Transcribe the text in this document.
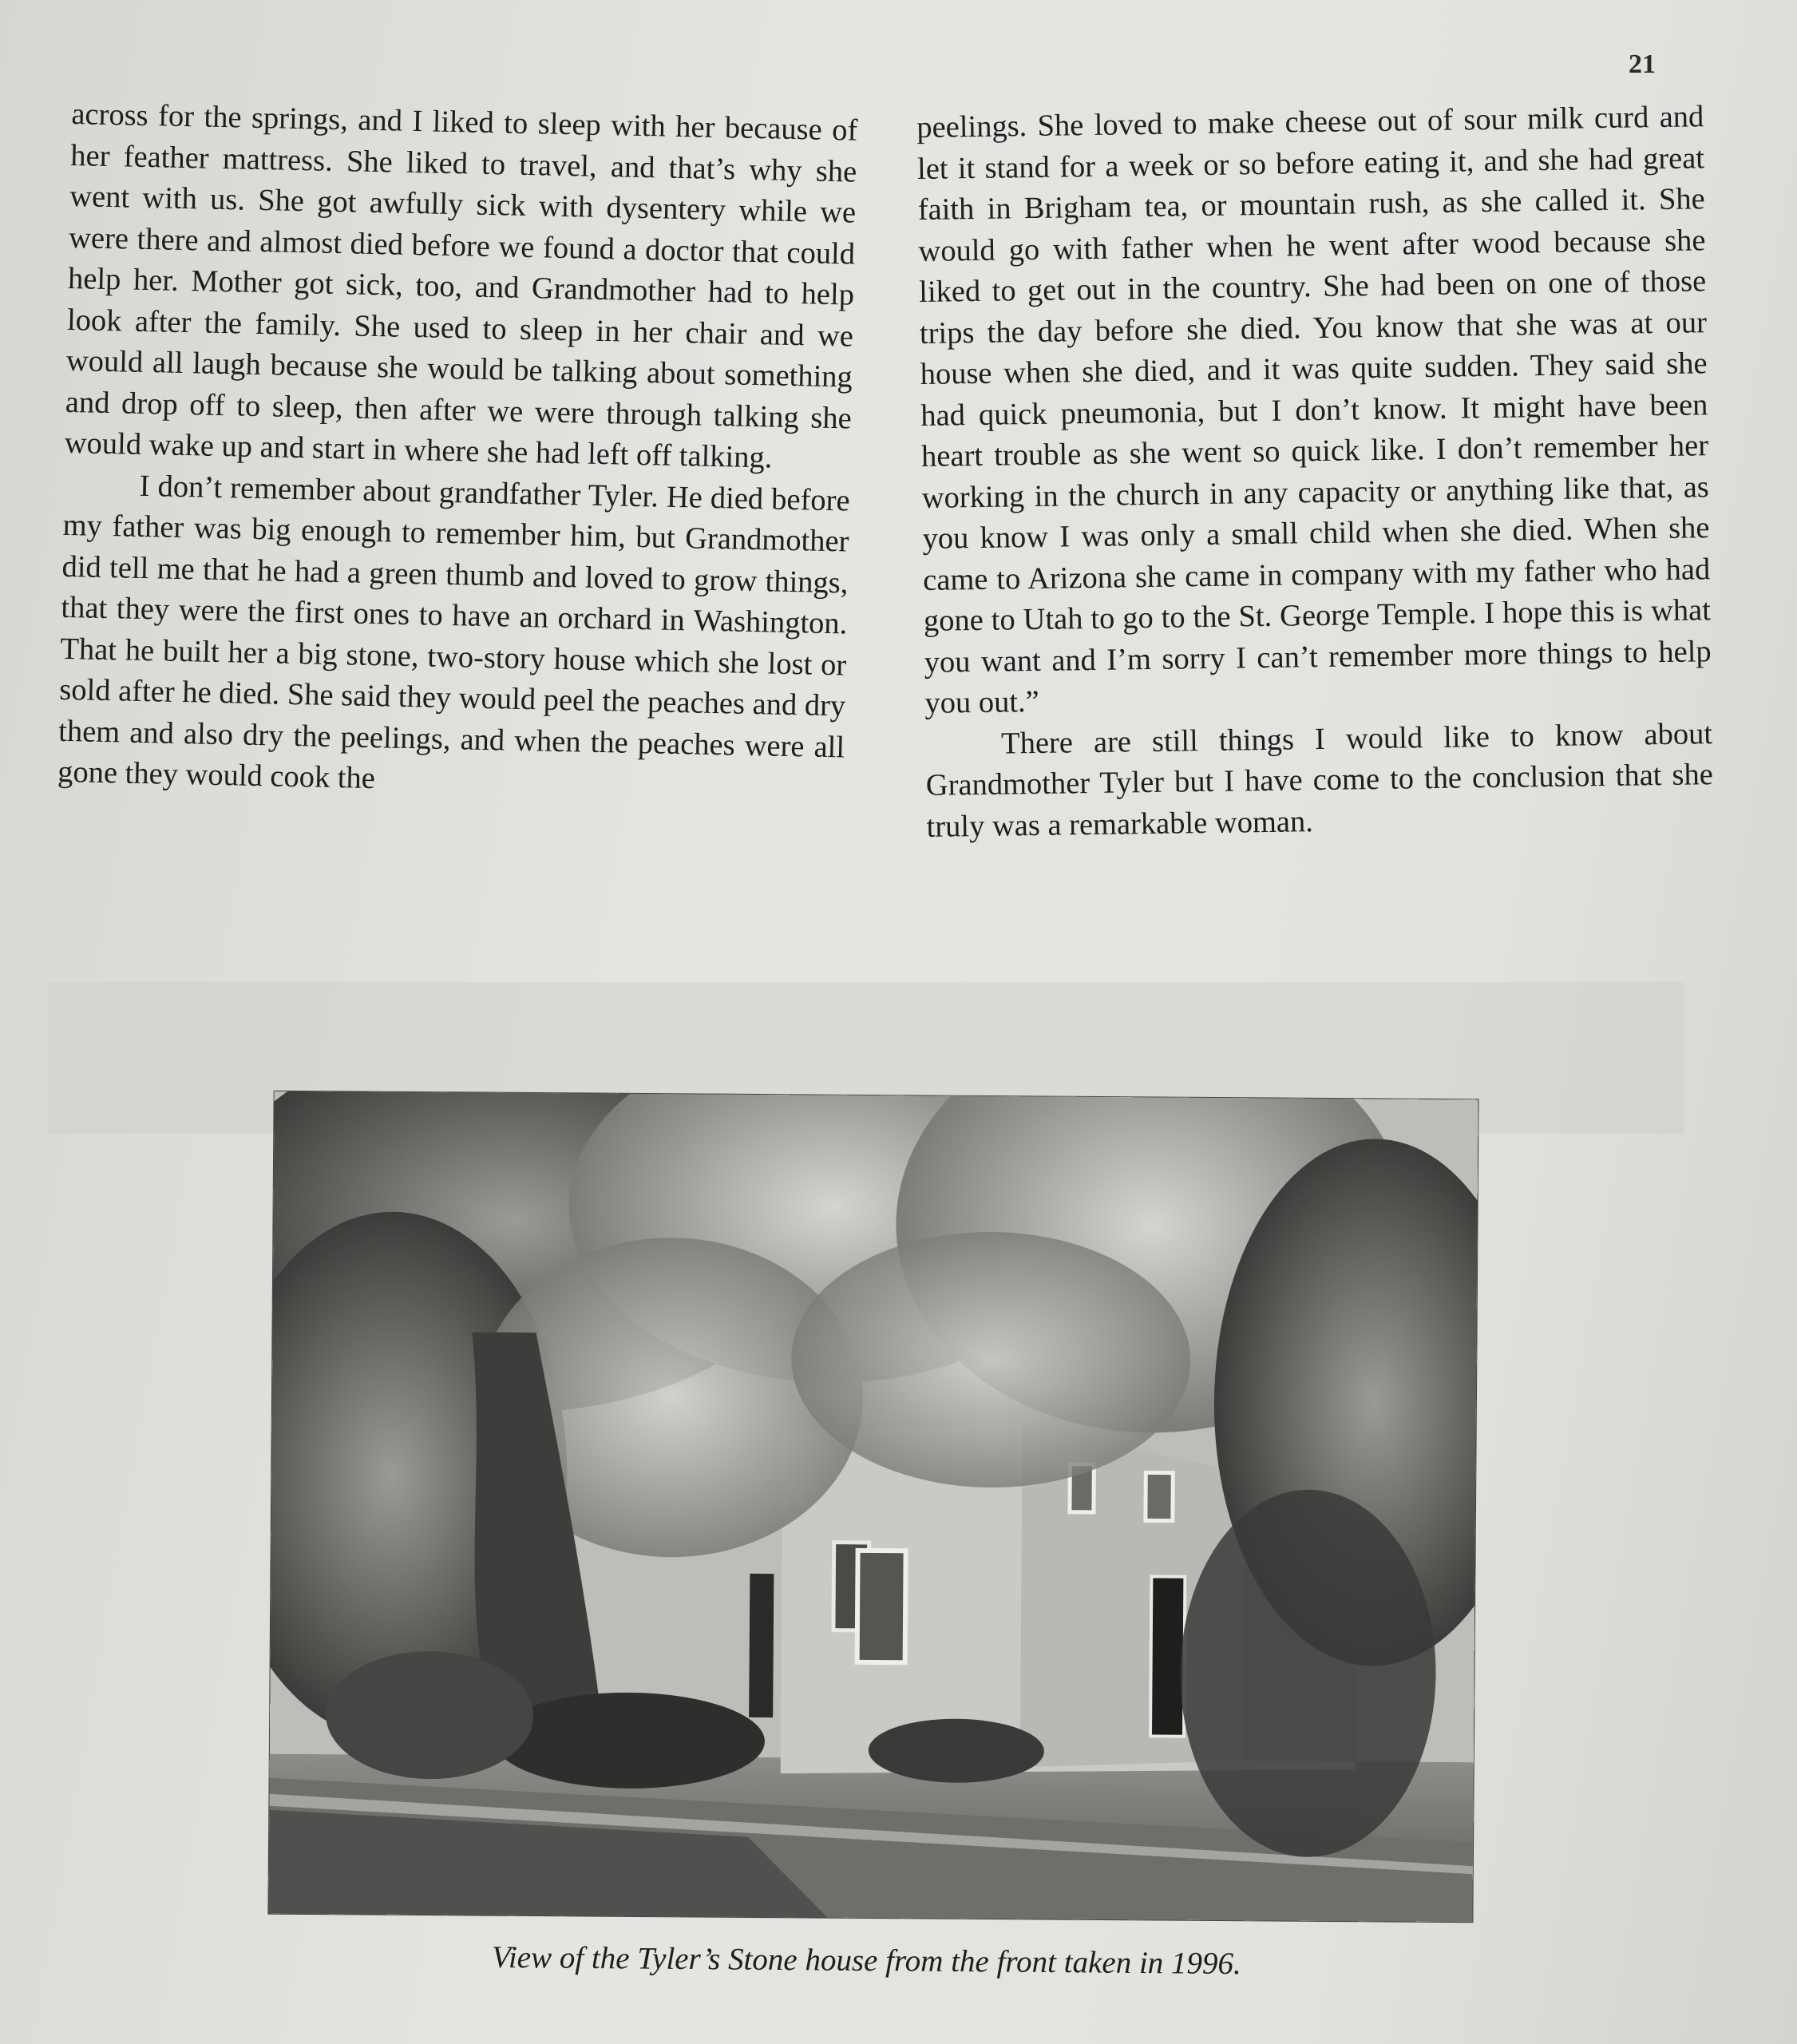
21

across for the springs, and I liked to sleep with her because of her feather mattress. She liked to travel, and that’s why she went with us. She got awfully sick with dysentery while we were there and almost died before we found a doctor that could help her. Mother got sick, too, and Grandmother had to help look after the family. She used to sleep in her chair and we would all laugh because she would be talking about something and drop off to sleep, then after we were through talking she would wake up and start in where she had left off talking.

I don’t remember about grandfather Tyler. He died before my father was big enough to remember him, but Grandmother did tell me that he had a green thumb and loved to grow things, that they were the first ones to have an orchard in Washington. That he built her a big stone, two-story house which she lost or sold after he died. She said they would peel the peaches and dry them and also dry the peelings, and when the peaches were all gone they would cook the

peelings. She loved to make cheese out of sour milk curd and let it stand for a week or so before eating it, and she had great faith in Brigham tea, or mountain rush, as she called it. She would go with father when he went after wood because she liked to get out in the country. She had been on one of those trips the day before she died. You know that she was at our house when she died, and it was quite sudden. They said she had quick pneumonia, but I don’t know. It might have been heart trouble as she went so quick like. I don’t remember her working in the church in any capacity or anything like that, as you know I was only a small child when she died. When she came to Arizona she came in company with my father who had gone to Utah to go to the St. George Temple. I hope this is what you want and I’m sorry I can’t remember more things to help you out.”

There are still things I would like to know about Grandmother Tyler but I have come to the conclusion that she truly was a remarkable woman.

View of the Tyler’s Stone house from the front taken in 1996.
